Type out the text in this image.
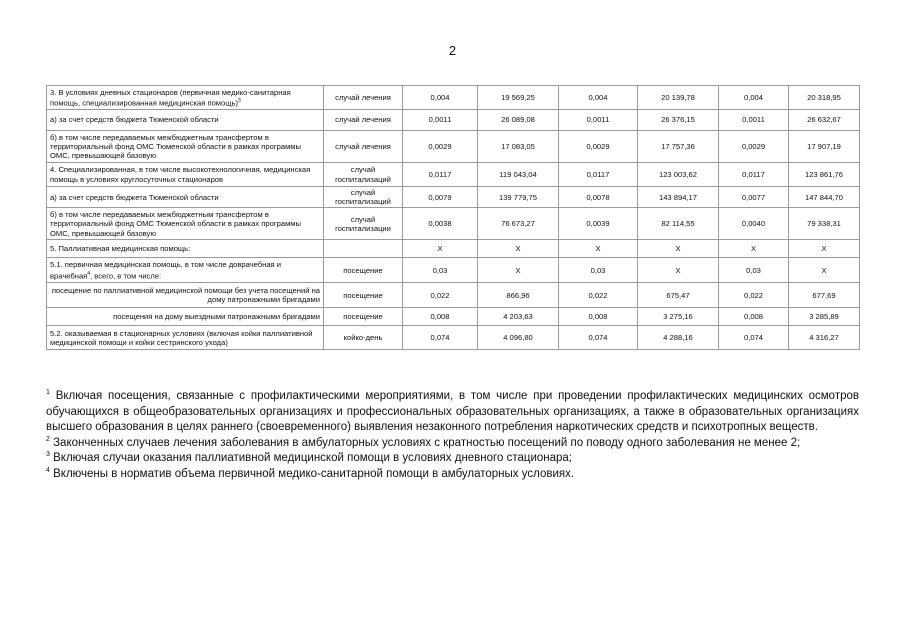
2
3. В условиях дневных стационаров (первичная медико-санитарная помощь, специализированная медицинская помощь)$^3$	случай лечения	0,004	19 569,25	0,004	20 139,78	0,004	20 318,95
а) за счет средств бюджета Тюменской области	случай лечения	0,0011	26 089,08	0,0011	26 376,15	0,0011	26 632,67
б) в том числе передаваемых межбюджетным трансфертом в территориальный фонд ОМС Тюменской области в рамках программы ОМС, превышающей базовую	случай лечения	0,0029	17 083,05	0,0029	17 757,36	0,0029	17 907,19
4. Специализированная, в том числе высокотехнологичная, медицинская помощь в условиях круглосуточных стационаров	случай госпитализаций	0,0117	119 043,04	0,0117	123 003,62	0,0117	123 861,76
а) за счет средств бюджета Тюменской области	случай госпитализаций	0,0079	139 779,75	0,0078	143 894,17	0,0077	147 844,70
б) в том числе передаваемых межбюджетным трансфертом в территориальный фонд ОМС Тюменской области в рамках программы ОМС, превышающей базовую	случай госпитализации	0,0038	76 673,27	0,0039	82 114,55	0,0040	79 338,31
5. Паллиативная медицинская помощь:		Х	Х	Х	Х	Х	Х
5.1. первичная медицинская помощь, в том числе доврачебная и врачебная$^4$, всего, в том числе:	посещение	0,03	Х	0,03	Х	0,03	Х
посещение по паллиативной медицинской помощи без учета посещений на дому патронажными бригадами	посещение	0,022	866,96	0,022	675,47	0,022	677,69
посещения на дому выездными патронажными бригадами	посещение	0,008	4 203,63	0,008	3 275,16	0,008	3 285,89
5.2. оказываемая в стационарных условиях (включая койки паллиативной медицинской помощи и койки сестринского ухода)	койко-день	0,074	4 096,80	0,074	4 288,16	0,074	4 316,27

$^1$ Включая посещения, связанные с профилактическими мероприятиями, в том числе при проведении профилактических медицинских осмотров обучающихся в общеобразовательных организациях и профессиональных образовательных организациях, а также в образовательных организациях высшего образования в целях раннего (своевременного) выявления незаконного потребления наркотических средств и психотропных веществ.

$^2$ Законченных случаев лечения заболевания в амбулаторных условиях с кратностью посещений по поводу одного заболевания не менее 2;

$^3$ Включая случаи оказания паллиативной медицинской помощи в условиях дневного стационара;

$^4$ Включены в норматив объема первичной медико-санитарной помощи в амбулаторных условиях.
